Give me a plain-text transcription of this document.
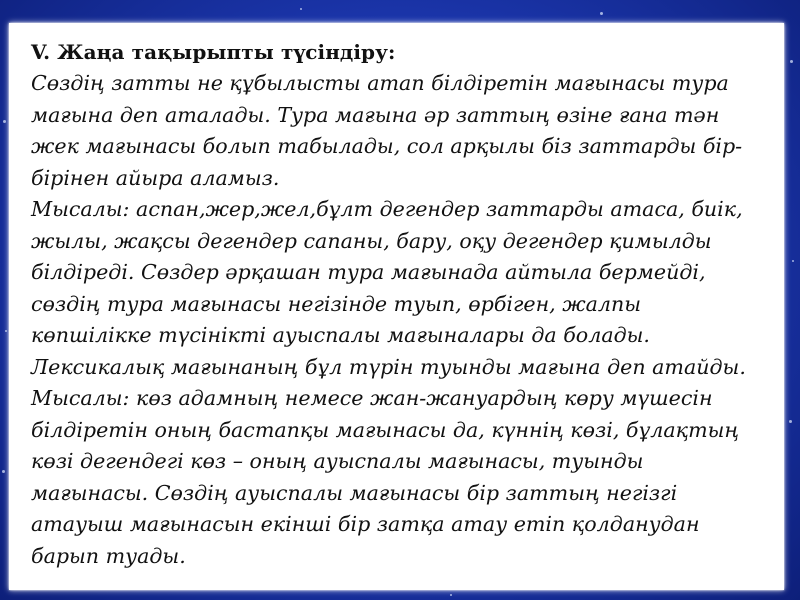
V. Жаңа тақырыпты түсіндіру:

Сөздің затты не құбылысты атап білдіретін мағынасы тура

мағына деп аталады. Тура мағына әр заттың өзіне ғана тән

жек мағынасы болып табылады, сол арқылы біз заттарды бір-

бірінен айыра аламыз.

Мысалы: аспан,жер,жел,бұлт дегендер заттарды атаса, биік,

жылы, жақсы дегендер сапаны, бару, оқу дегендер қимылды

білдіреді. Сөздер әрқашан тура мағынада айтыла бермейді,

сөздің тура мағынасы негізінде туып, өрбіген, жалпы

көпшілікке түсінікті ауыспалы мағыналары да болады.

Лексикалық мағынаның бұл түрін туынды мағына деп атайды.

Мысалы: көз адамның немесе жан-жануардың көру мүшесін

білдіретін оның бастапқы мағынасы да, күннің көзі, бұлақтың

көзі дегендегі көз – оның ауыспалы мағынасы, туынды

мағынасы. Сөздің ауыспалы мағынасы бір заттың негізгі

атауыш мағынасын екінші бір затқа атау етіп қолданудан

барып туады.
